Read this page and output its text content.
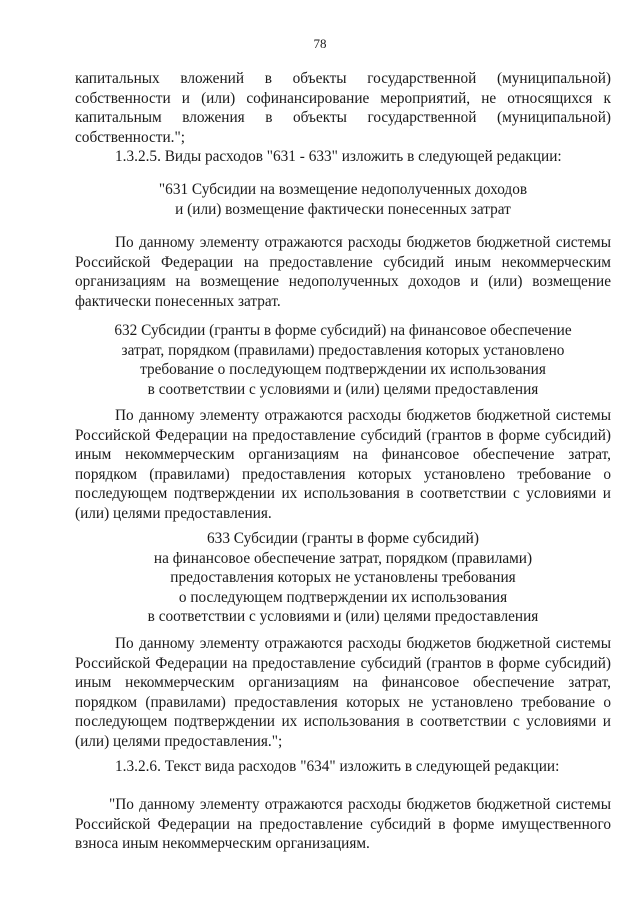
78
капитальных вложений в объекты государственной (муниципальной)
собственности и (или) софинансирование мероприятий, не относящихся к
капитальным вложения в объекты государственной (муниципальной)
собственности.";
1.3.2.5. Виды расходов "631 - 633" изложить в следующей редакции:
"631 Субсидии на возмещение недополученных доходов
и (или) возмещение фактически понесенных затрат
По данному элементу отражаются расходы бюджетов бюджетной системы
Российской Федерации на предоставление субсидий иным некоммерческим
организациям на возмещение недополученных доходов и (или) возмещение
фактически понесенных затрат.
632 Субсидии (гранты в форме субсидий) на финансовое обеспечение
затрат, порядком (правилами) предоставления которых установлено
требование о последующем подтверждении их использования
в соответствии с условиями и (или) целями предоставления
По данному элементу отражаются расходы бюджетов бюджетной системы
Российской Федерации на предоставление субсидий (грантов в форме субсидий)
иным некоммерческим организациям на финансовое обеспечение затрат,
порядком (правилами) предоставления которых установлено требование о
последующем подтверждении их использования в соответствии с условиями и
(или) целями предоставления.
633 Субсидии (гранты в форме субсидий)
на финансовое обеспечение затрат, порядком (правилами)
предоставления которых не установлены требования
о последующем подтверждении их использования
в соответствии с условиями и (или) целями предоставления
По данному элементу отражаются расходы бюджетов бюджетной системы
Российской Федерации на предоставление субсидий (грантов в форме субсидий)
иным некоммерческим организациям на финансовое обеспечение затрат,
порядком (правилами) предоставления которых не установлено требование о
последующем подтверждении их использования в соответствии с условиями и
(или) целями предоставления.";
1.3.2.6. Текст вида расходов "634" изложить в следующей редакции:
"По данному элементу отражаются расходы бюджетов бюджетной системы
Российской Федерации на предоставление субсидий в форме имущественного
взноса иным некоммерческим организациям.
